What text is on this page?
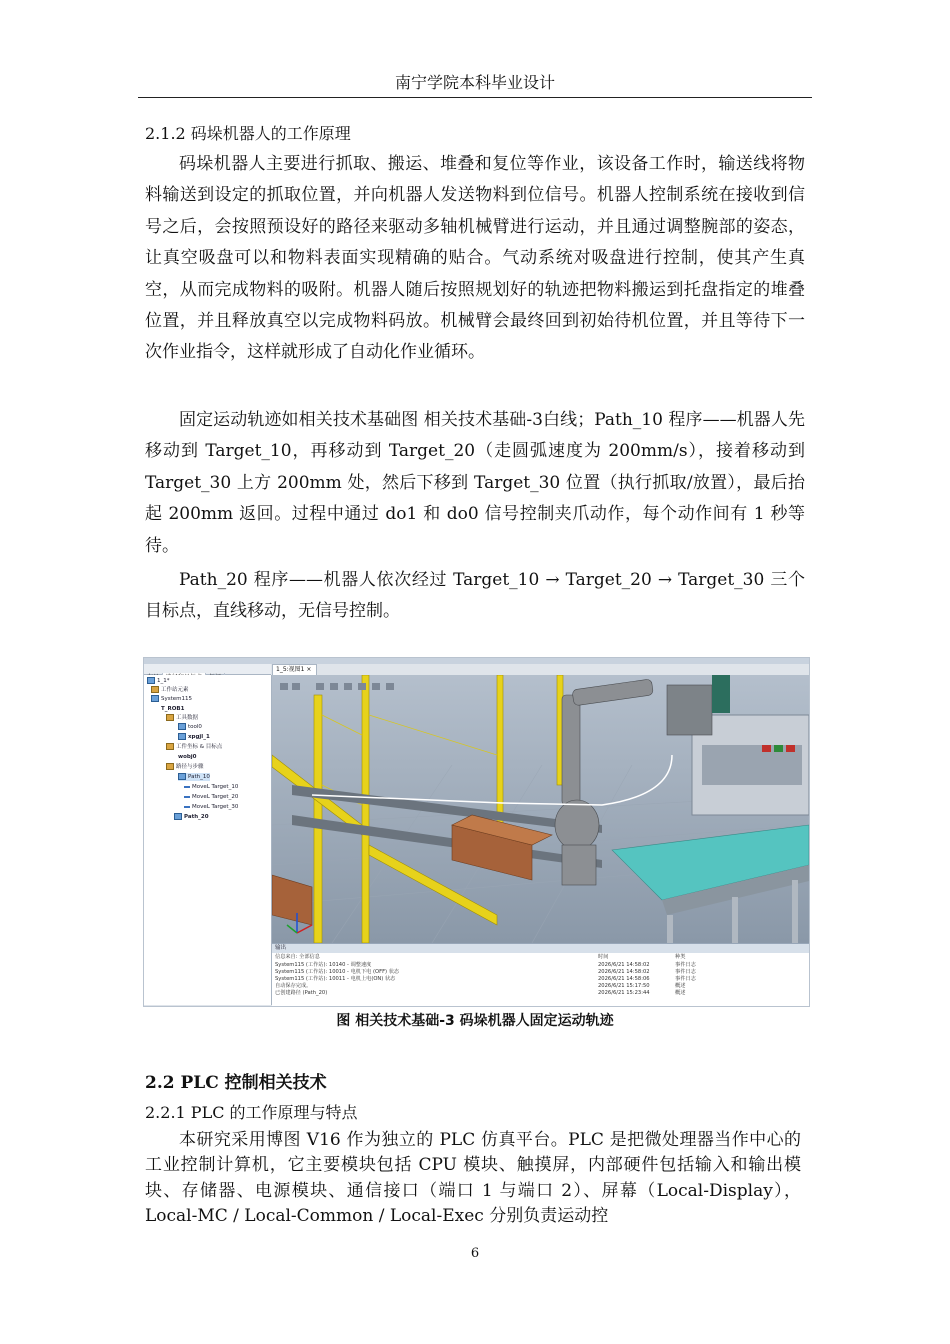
南宁学院本科毕业设计
2.1.2 码垛机器人的工作原理

码垛机器人主要进行抓取、搬运、堆叠和复位等作业，该设备工作时，输送线将物料输送到设定的抓取位置，并向机器人发送物料到位信号。机器人控制系统在接收到信号之后，会按照预设好的路径来驱动多轴机械臂进行运动，并且通过调整腕部的姿态，让真空吸盘可以和物料表面实现精确的贴合。气动系统对吸盘进行控制，使其产生真空，从而完成物料的吸附。机器人随后按照规划好的轨迹把物料搬运到托盘指定的堆叠位置，并且释放真空以完成物料码放。机械臂会最终回到初始待机位置，并且等待下一次作业指令，这样就形成了自动化作业循环。

固定运动轨迹如相关技术基础图 相关技术基础-3白线；Path_10 程序——机器人先移动到 Target_10，再移动到 Target_20（走圆弧速度为 200mm/s），接着移动到 Target_30 上方 200mm 处，然后下移到 Target_30 位置（执行抓取/放置），最后抬起 200mm 返回。过程中通过 do1 和 do0 信号控制夹爪动作，每个动作间有 1 秒等待。

Path_20 程序——机器人依次经过 Target_10 → Target_20 → Target_30 三个目标点，直线移动，无信号控制。

1_5:视图1 ×
1_1*
工作站元素
System115
T_ROB1
工具数据
tool0
xpgjl_1
工件坐标 & 目标点
wobj0
路径与步骤
Path_10
MoveL Target_10
MoveL Target_20
MoveL Target_30
Path_20
输出
信息来自: 全部信息	时间	种类
System115 (工作站): 10140 - 调整速度	2026/6/21 14:58:02	事件日志
System115 (工作站): 10010 - 电机下电 (OFF) 状态	2026/6/21 14:58:02	事件日志
System115 (工作站): 10011 - 电机上电(ON) 状态	2026/6/21 14:58:06	事件日志
自动保存完成。	2026/6/21 15:17:50	概述
已创建路径 (Path_20)	2026/6/21 15:23:44	概述
图 相关技术基础-3 码垛机器人固定运动轨迹
2.2 PLC 控制相关技术
2.2.1 PLC 的工作原理与特点

本研究采用博图 V16 作为独立的 PLC 仿真平台。PLC 是把微处理器当作中心的工业控制计算机，它主要模块包括 CPU 模块、触摸屏，内部硬件包括输入和输出模块、存储器、电源模块、通信接口（端口 1 与端口 2）、屏幕（Local-Display），Local-MC / Local-Common / Local-Exec 分别负责运动控

6
